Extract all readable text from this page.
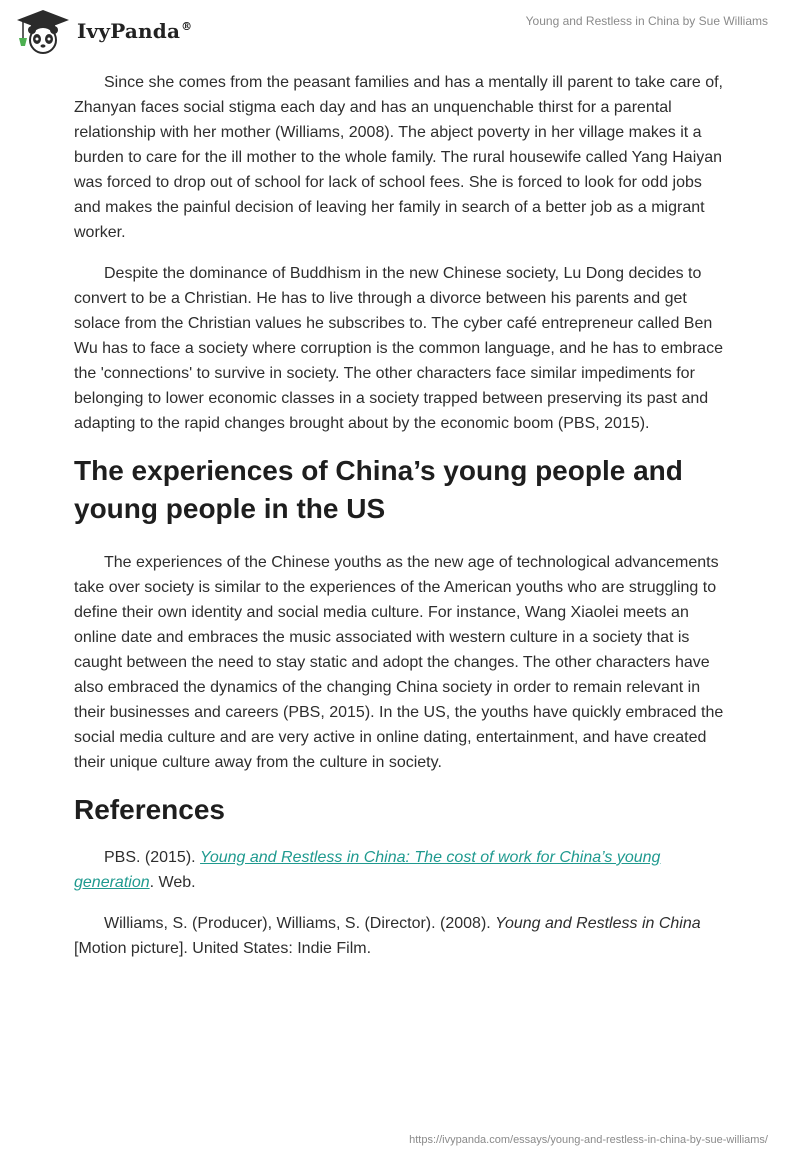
IvyPanda®	Young and Restless in China by Sue Williams

Since she comes from the peasant families and has a mentally ill parent to take care of, Zhanyan faces social stigma each day and has an unquenchable thirst for a parental relationship with her mother (Williams, 2008). The abject poverty in her village makes it a burden to care for the ill mother to the whole family. The rural housewife called Yang Haiyan was forced to drop out of school for lack of school fees. She is forced to look for odd jobs and makes the painful decision of leaving her family in search of a better job as a migrant worker.

Despite the dominance of Buddhism in the new Chinese society, Lu Dong decides to convert to be a Christian. He has to live through a divorce between his parents and get solace from the Christian values he subscribes to. The cyber café entrepreneur called Ben Wu has to face a society where corruption is the common language, and he has to embrace the 'connections' to survive in society. The other characters face similar impediments for belonging to lower economic classes in a society trapped between preserving its past and adapting to the rapid changes brought about by the economic boom (PBS, 2015).

The experiences of China’s young people and young people in the US

The experiences of the Chinese youths as the new age of technological advancements take over society is similar to the experiences of the American youths who are struggling to define their own identity and social media culture. For instance, Wang Xiaolei meets an online date and embraces the music associated with western culture in a society that is caught between the need to stay static and adopt the changes. The other characters have also embraced the dynamics of the changing China society in order to remain relevant in their businesses and careers (PBS, 2015). In the US, the youths have quickly embraced the social media culture and are very active in online dating, entertainment, and have created their unique culture away from the culture in society.

References

PBS. (2015). Young and Restless in China: The cost of work for China’s young generation. Web.

Williams, S. (Producer), Williams, S. (Director). (2008). Young and Restless in China [Motion picture]. United States: Indie Film.

https://ivypanda.com/essays/young-and-restless-in-china-by-sue-williams/
